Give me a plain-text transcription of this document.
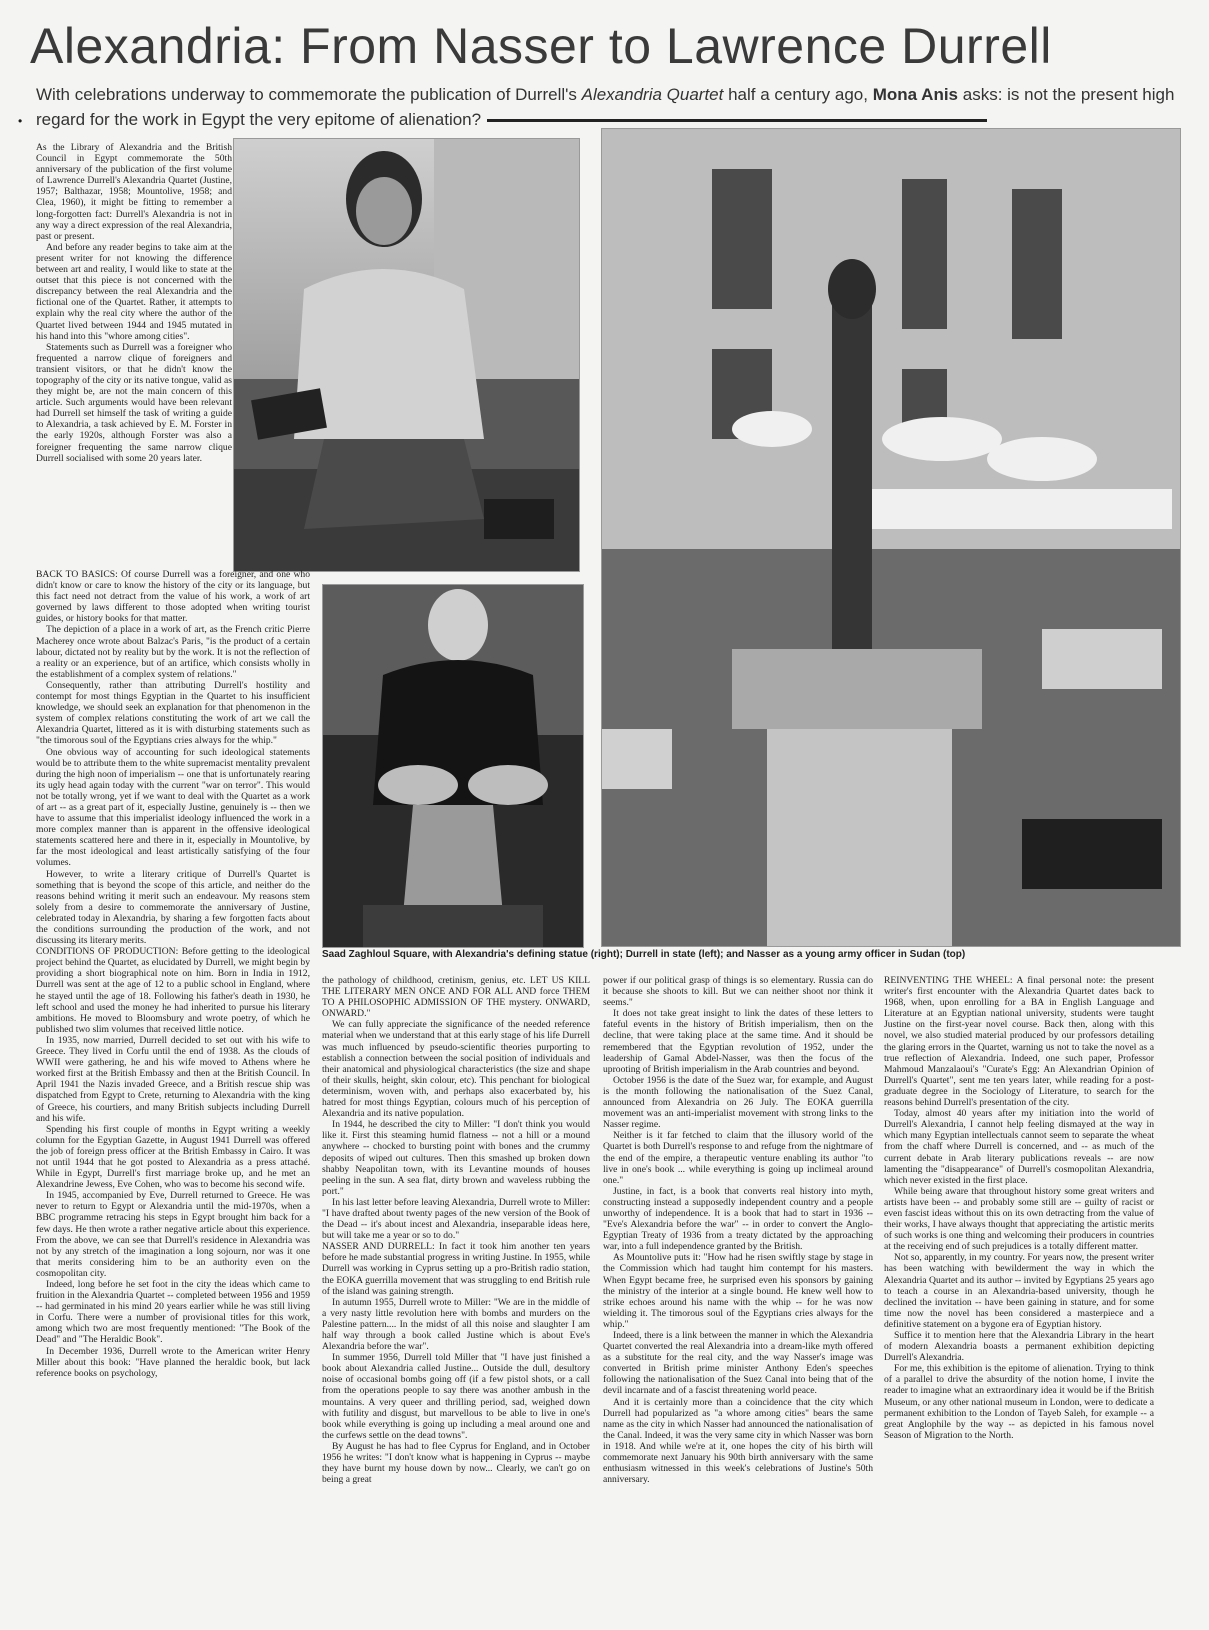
•
Alexandria: From Nasser to Lawrence Durrell
With celebrations underway to commemorate the publication of Durrell's Alexandria Quartet half a century ago, Mona Anis asks: is not the present high regard for the work in Egypt the very epitome of alienation?
Saad Zaghloul Square, with Alexandria's defining statue (right); Durrell in state (left); and Nasser as a young army officer in Sudan (top)

As the Library of Alexandria and the British Council in Egypt commemorate the 50th anniversary of the publication of the first volume of Lawrence Durrell's Alexandria Quartet (Justine, 1957; Balthazar, 1958; Mountolive, 1958; and Clea, 1960), it might be fitting to remember a long-forgotten fact: Durrell's Alexandria is not in any way a direct expression of the real Alexandria, past or present.

And before any reader begins to take aim at the present writer for not knowing the difference between art and reality, I would like to state at the outset that this piece is not concerned with the discrepancy between the real Alexandria and the fictional one of the Quartet. Rather, it attempts to explain why the real city where the author of the Quartet lived between 1944 and 1945 mutated in his hand into this "whore among cities".

Statements such as Durrell was a foreigner who frequented a narrow clique of foreigners and transient visitors, or that he didn't know the topography of the city or its native tongue, valid as they might be, are not the main concern of this article. Such arguments would have been relevant had Durrell set himself the task of writing a guide to Alexandria, a task achieved by E. M. Forster in the early 1920s, although Forster was also a foreigner frequenting the same narrow clique Durrell socialised with some 20 years later.

BACK TO BASICS: Of course Durrell was a foreigner, and one who didn't know or care to know the history of the city or its language, but this fact need not detract from the value of his work, a work of art governed by laws different to those adopted when writing tourist guides, or history books for that matter.

The depiction of a place in a work of art, as the French critic Pierre Macherey once wrote about Balzac's Paris, "is the product of a certain labour, dictated not by reality but by the work. It is not the reflection of a reality or an experience, but of an artifice, which consists wholly in the establishment of a complex system of relations."

Consequently, rather than attributing Durrell's hostility and contempt for most things Egyptian in the Quartet to his insufficient knowledge, we should seek an explanation for that phenomenon in the system of complex relations constituting the work of art we call the Alexandria Quartet, littered as it is with disturbing statements such as "the timorous soul of the Egyptians cries always for the whip."

One obvious way of accounting for such ideological statements would be to attribute them to the white supremacist mentality prevalent during the high noon of imperialism -- one that is unfortunately rearing its ugly head again today with the current "war on terror". This would not be totally wrong, yet if we want to deal with the Quartet as a work of art -- as a great part of it, especially Justine, genuinely is -- then we have to assume that this imperialist ideology influenced the work in a more complex manner than is apparent in the offensive ideological statements scattered here and there in it, especially in Mountolive, by far the most ideological and least artistically satisfying of the four volumes.

However, to write a literary critique of Durrell's Quartet is something that is beyond the scope of this article, and neither do the reasons behind writing it merit such an endeavour. My reasons stem solely from a desire to commemorate the anniversary of Justine, celebrated today in Alexandria, by sharing a few forgotten facts about the conditions surrounding the production of the work, and not discussing its literary merits.

CONDITIONS OF PRODUCTION: Before getting to the ideological project behind the Quartet, as elucidated by Durrell, we might begin by providing a short biographical note on him. Born in India in 1912, Durrell was sent at the age of 12 to a public school in England, where he stayed until the age of 18. Following his father's death in 1930, he left school and used the money he had inherited to pursue his literary ambitions. He moved to Bloomsbury and wrote poetry, of which he published two slim volumes that received little notice.

In 1935, now married, Durrell decided to set out with his wife to Greece. They lived in Corfu until the end of 1938. As the clouds of WWII were gathering, he and his wife moved to Athens where he worked first at the British Embassy and then at the British Council. In April 1941 the Nazis invaded Greece, and a British rescue ship was dispatched from Egypt to Crete, returning to Alexandria with the king of Greece, his courtiers, and many British subjects including Durrell and his wife.

Spending his first couple of months in Egypt writing a weekly column for the Egyptian Gazette, in August 1941 Durrell was offered the job of foreign press officer at the British Embassy in Cairo. It was not until 1944 that he got posted to Alexandria as a press attaché. While in Egypt, Durrell's first marriage broke up, and he met an Alexandrine Jewess, Eve Cohen, who was to become his second wife.

In 1945, accompanied by Eve, Durrell returned to Greece. He was never to return to Egypt or Alexandria until the mid-1970s, when a BBC programme retracing his steps in Egypt brought him back for a few days. He then wrote a rather negative article about this experience. From the above, we can see that Durrell's residence in Alexandria was not by any stretch of the imagination a long sojourn, nor was it one that merits considering him to be an authority even on the cosmopolitan city.

Indeed, long before he set foot in the city the ideas which came to fruition in the Alexandria Quartet -- completed between 1956 and 1959 -- had germinated in his mind 20 years earlier while he was still living in Corfu. There were a number of provisional titles for this work, among which two are most frequently mentioned: "The Book of the Dead" and "The Heraldic Book".

In December 1936, Durrell wrote to the American writer Henry Miller about this book: "Have planned the heraldic book, but lack reference books on psychology,

the pathology of childhood, cretinism, genius, etc. LET US KILL THE LITERARY MEN ONCE AND FOR ALL AND force THEM TO A PHILOSOPHIC ADMISSION OF THE mystery. ONWARD, ONWARD."

We can fully appreciate the significance of the needed reference material when we understand that at this early stage of his life Durrell was much influenced by pseudo-scientific theories purporting to establish a connection between the social position of individuals and their anatomical and physiological characteristics (the size and shape of their skulls, height, skin colour, etc). This penchant for biological determinism, woven with, and perhaps also exacerbated by, his hatred for most things Egyptian, colours much of his perception of Alexandria and its native population.

In 1944, he described the city to Miller: "I don't think you would like it. First this steaming humid flatness -- not a hill or a mound anywhere -- chocked to bursting point with bones and the crummy deposits of wiped out cultures. Then this smashed up broken down shabby Neapolitan town, with its Levantine mounds of houses peeling in the sun. A sea flat, dirty brown and waveless rubbing the port."

In his last letter before leaving Alexandria, Durrell wrote to Miller: "I have drafted about twenty pages of the new version of the Book of the Dead -- it's about incest and Alexandria, inseparable ideas here, but will take me a year or so to do."

NASSER AND DURRELL: In fact it took him another ten years before he made substantial progress in writing Justine. In 1955, while Durrell was working in Cyprus setting up a pro-British radio station, the EOKA guerrilla movement that was struggling to end British rule of the island was gaining strength.

In autumn 1955, Durrell wrote to Miller: "We are in the middle of a very nasty little revolution here with bombs and murders on the Palestine pattern.... In the midst of all this noise and slaughter I am half way through a book called Justine which is about Eve's Alexandria before the war".

In summer 1956, Durrell told Miller that "I have just finished a book about Alexandria called Justine... Outside the dull, desultory noise of occasional bombs going off (if a few pistol shots, or a call from the operations people to say there was another ambush in the mountains. A very queer and thrilling period, sad, weighed down with futility and disgust, but marvellous to be able to live in one's book while everything is going up including a meal around one and the curfews settle on the dead towns".

By August he has had to flee Cyprus for England, and in October 1956 he writes: "I don't know what is happening in Cyprus -- maybe they have burnt my house down by now... Clearly, we can't go on being a great

power if our political grasp of things is so elementary. Russia can do it because she shoots to kill. But we can neither shoot nor think it seems."

It does not take great insight to link the dates of these letters to fateful events in the history of British imperialism, then on the decline, that were taking place at the same time. And it should be remembered that the Egyptian revolution of 1952, under the leadership of Gamal Abdel-Nasser, was then the focus of the uprooting of British imperialism in the Arab countries and beyond.

October 1956 is the date of the Suez war, for example, and August is the month following the nationalisation of the Suez Canal, announced from Alexandria on 26 July. The EOKA guerrilla movement was an anti-imperialist movement with strong links to the Nasser regime.

Neither is it far fetched to claim that the illusory world of the Quartet is both Durrell's response to and refuge from the nightmare of the end of the empire, a therapeutic venture enabling its author "to live in one's book ... while everything is going up inclimeal around one."

Justine, in fact, is a book that converts real history into myth, constructing instead a supposedly independent country and a people unworthy of independence. It is a book that had to start in 1936 -- "Eve's Alexandria before the war" -- in order to convert the Anglo-Egyptian Treaty of 1936 from a treaty dictated by the approaching war, into a full independence granted by the British.

As Mountolive puts it: "How had he risen swiftly stage by stage in the Commission which had taught him contempt for his masters. When Egypt became free, he surprised even his sponsors by gaining the ministry of the interior at a single bound. He knew well how to strike echoes around his name with the whip -- for he was now wielding it. The timorous soul of the Egyptians cries always for the whip."

Indeed, there is a link between the manner in which the Alexandria Quartet converted the real Alexandria into a dream-like myth offered as a substitute for the real city, and the way Nasser's image was converted in British prime minister Anthony Eden's speeches following the nationalisation of the Suez Canal into being that of the devil incarnate and of a fascist threatening world peace.

And it is certainly more than a coincidence that the city which Durrell had popularized as "a whore among cities" bears the same name as the city in which Nasser had announced the nationalisation of the Canal. Indeed, it was the very same city in which Nasser was born in 1918. And while we're at it, one hopes the city of his birth will commemorate next January his 90th birth anniversary with the same enthusiasm witnessed in this week's celebrations of Justine's 50th anniversary.

REINVENTING THE WHEEL: A final personal note: the present writer's first encounter with the Alexandria Quartet dates back to 1968, when, upon enrolling for a BA in English Language and Literature at an Egyptian national university, students were taught Justine on the first-year novel course. Back then, along with this novel, we also studied material produced by our professors detailing the glaring errors in the Quartet, warning us not to take the novel as a true reflection of Alexandria. Indeed, one such paper, Professor Mahmoud Manzalaoui's "Curate's Egg: An Alexandrian Opinion of Durrell's Quartet", sent me ten years later, while reading for a post-graduate degree in the Sociology of Literature, to search for the reasons behind Durrell's presentation of the city.

Today, almost 40 years after my initiation into the world of Durrell's Alexandria, I cannot help feeling dismayed at the way in which many Egyptian intellectuals cannot seem to separate the wheat from the chaff where Durrell is concerned, and -- as much of the current debate in Arab literary publications reveals -- are now lamenting the "disappearance" of Durrell's cosmopolitan Alexandria, which never existed in the first place.

While being aware that throughout history some great writers and artists have been -- and probably some still are -- guilty of racist or even fascist ideas without this on its own detracting from the value of their works, I have always thought that appreciating the artistic merits of such works is one thing and welcoming their producers in countries at the receiving end of such prejudices is a totally different matter.

Not so, apparently, in my country. For years now, the present writer has been watching with bewilderment the way in which the Alexandria Quartet and its author -- invited by Egyptians 25 years ago to teach a course in an Alexandria-based university, though he declined the invitation -- have been gaining in stature, and for some time now the novel has been considered a masterpiece and a definitive statement on a bygone era of Egyptian history.

Suffice it to mention here that the Alexandria Library in the heart of modern Alexandria boasts a permanent exhibition depicting Durrell's Alexandria.

For me, this exhibition is the epitome of alienation. Trying to think of a parallel to drive the absurdity of the notion home, I invite the reader to imagine what an extraordinary idea it would be if the British Museum, or any other national museum in London, were to dedicate a permanent exhibition to the London of Tayeb Saleh, for example -- a great Anglophile by the way -- as depicted in his famous novel Season of Migration to the North.
